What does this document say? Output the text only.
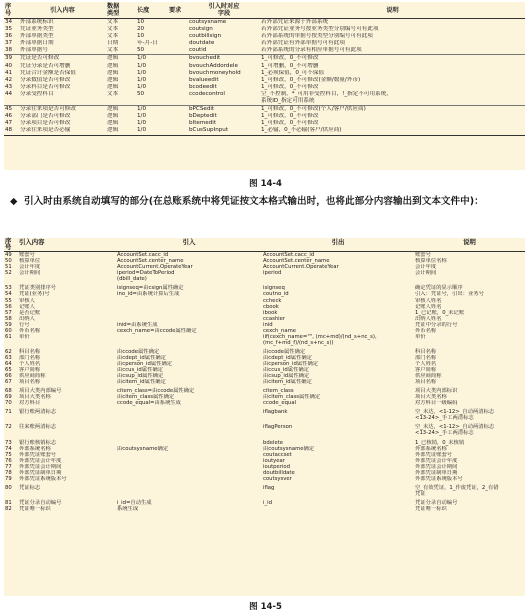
序
号	引入内容	数据
类型	长度	要求	引入时对应
字段	说明
34	外部系统标识	文本	10		coutsysname	若外部凭证来源于外部系统
35	凭证业务类型	文本	20		coutsign	若外部凭证业务号按业务类型分别编号可有此项
36	外部单据类型	文本	10		coutbillsign	若外部系统的单据号按类型分别编号可有此项
37	外部单据日期	日期	年-月-日		doutdate	若外部凭证有外部单据号可有此项
38	外部单据号	文本	50		coutid	若外部系统的分录有相应单据号可有此项
39	凭证是否可修改	逻辑	1/0		bvouchedit	1_可修改，0_不可修改
40	凭证分录是否可增删	逻辑	1/0		bvouchAddordele	1_可增删，0_不可增删
41	凭证合计金额是否保值	逻辑	1/0		bvouchmoneyhold	1_必须保值，0_可不保值
42	分录数值是否可修改	逻辑	1/0		bvalueedit	1_可修改，0_不可修改(金额/数量/外币)
43	分录科目是否可修改	逻辑	1/0		bcodeedit	1_可修改，0_不可修改
44	分录受控科目	文本	50		ccodecontrol	空_不控制，*_可用非受控科目，!_指定不可用系统，
系统ID_指定可用系统
45	分录往来项是否可修改	逻辑	1/0		bPCSedit	1_可修改，0_不可修改(个人/客户/供应商)
46	分录部门是否可修改	逻辑	1/0		bDeptedit	1_可修改，0_不可修改
47	分录项目是否可修改	逻辑	1/0		bItemedit	1_可修改，0_不可修改
48	分录往来项是否必输	逻辑	1/0		bCusSupInput	1_必输，0_不必输(客户/供应商)
图 14-4
◆ 引入时由系统自动填写的部分(在总账系统中将凭证按文本格式输出时，也将此部分内容输出到文本文件中)：
序
号	引入内容	引入	引出	说明
49	账套号	AccountSet.cacc_id	AccountSet.cacc_id	账套号
50	核算单位	AccountSet.center_name	AccountSet.center_name	核算单位名称
51	会计年度	AccountCurrent.OperateYear	AccountCurrent.OperateYear	会计年度
52	会计期间	iperiod=DateToPeriod
(dbill_date)	iperiod	会计期间
53	凭证类别排序号	isignseq=由csign属性确定	isignseq	确定凭证的显示顺序
54	凭证(业务)号	ino_id=由系统计算后生成	coutno_id	引入：凭证号，引出：业务号
55	审核人		ccheck	审核人姓名
56	记账人		cbook	记账人姓名
57	是否记账		ibook	1_已记账，0_未记账
58	出纳人		ccashier	出纳人姓名
59	行号	inid=由系统生成	inid	凭证中分录的行号
60	外币名称	cexch_name=由ccode属性确定	cexch_name	外币名称
61	单价		iif(cexch_name="", (mc+md)/(nd_s+nc_s),
(mc_f+md_f)/(nd_s+nc_s))	单价
62	科目名称	由ccode属性确定	由ccode属性确定	科目名称
63	部门名称	由cdept_id属性确定	由cdept_id属性确定	部门名称
64	个人姓名	由cperson_id属性确定	由cperson_id属性确定	个人姓名
65	客户简称	由ccus_id属性确定	由ccus_id属性确定	客户简称
66	供应商简称	由csup_id属性确定	由csup_id属性确定	供应商简称
67	项目名称	由citem_id属性确定	由citem_id属性确定	项目名称
68	项目大类内部编号	citem_class=由ccode属性确定	citem_class	项目大类内部标识
69	项目大类名称	由citem_class属性确定	由citem_class属性确定	项目大类名称
70	对方科目	ccode_equal=由系统生成	ccode_equal	对方科目一级编码
71	银行账两清标志		iflagbank	空_未达，<1-12>_自动两清标志
<13-24>_手工两清标志
72	往来账两清标志		iflagPerson	空_未达，<1-12>_自动两清标志
<13-24>_手工两清标志
73	银行账核销标志		bdelete	1_已核销，0_未核销
74	外部系统名称	由coutsysname确定	由coutsysname确定	外部系统名称
75	外部凭证账套号		coutaccset	外部凭证账套号
76	外部凭证会计年度		ioutyear	外部凭证会计年度
77	外部凭证会计期间		ioutperiod	外部凭证会计期间
78	外部凭证制单日期		doutbilldate	外部凭证制单日期
79	外部凭证系统版本号		coutsysver	外部凭证系统版本号
80	凭证标志		iflag	空_有效凭证，1_作废凭证，2_有错
凭证
81	凭证分录自动编号	i_id=自动生成	i_id	凭证分录自动编号
82	凭证唯一标识	系统生成		凭证唯一标识
图 14-5
